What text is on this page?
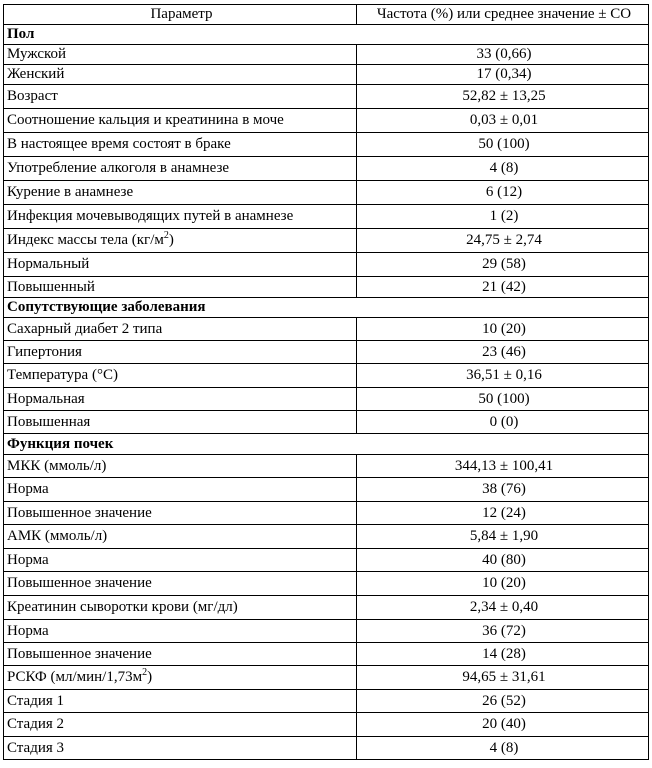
Параметр	Частота (%) или среднее значение ± СО
Пол	
Мужской	33 (0,66)
Женский	17 (0,34)
Возраст	52,82 ± 13,25
Соотношение кальция и креатинина в моче	0,03 ± 0,01
В настоящее время состоят в браке	50 (100)
Употребление алкоголя в анамнезе	4 (8)
Курение в анамнезе	6 (12)
Инфекция мочевыводящих путей в анамнезе	1 (2)
Индекс массы тела $(кг/м^2)$	24,75 ± 2,74
Нормальный	29 (58)
Повышенный	21 (42)
Сопутствующие заболевания	
Сахарный диабет 2 типа	10 (20)
Гипертония	23 (46)
Температура (°C)	36,51 ± 0,16
Нормальная	50 (100)
Повышенная	0 (0)
Функция почек	
МКК (ммоль/л)	344,13 ± 100,41
Норма	38 (76)
Повышенное значение	12 (24)
АМК (ммоль/л)	5,84 ± 1,90
Норма	40 (80)
Повышенное значение	10 (20)
Креатинин сыворотки крови (мг/дл)	2,34 ± 0,40
Норма	36 (72)
Повышенное значение	14 (28)
РСКФ $(мл/мин/1,73м^2)$	94,65 ± 31,61
Стадия 1	26 (52)
Стадия 2	20 (40)
Стадия 3	4 (8)
